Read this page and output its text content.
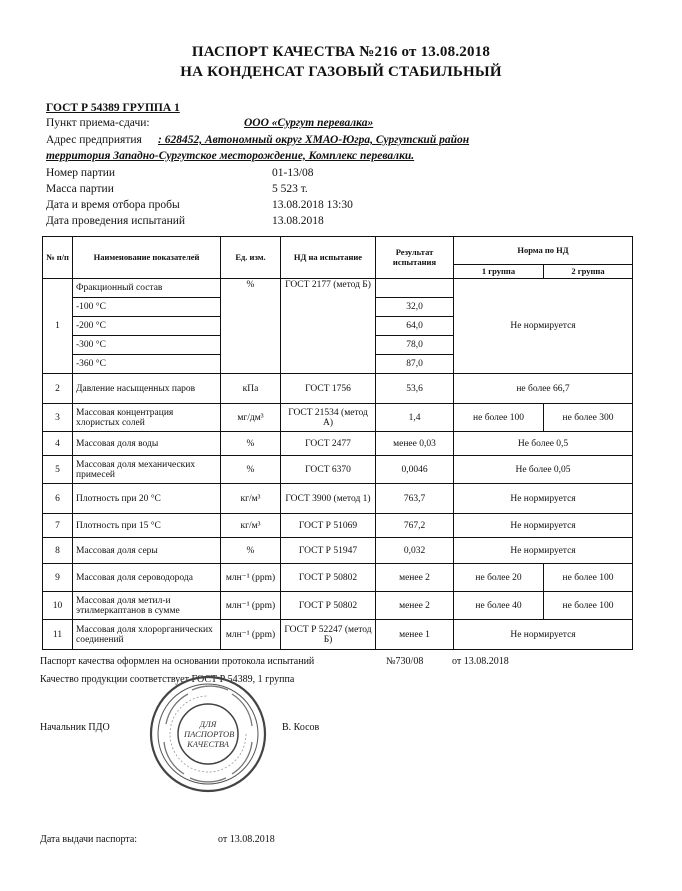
ПАСПОРТ КАЧЕСТВА №216 от 13.08.2018
НА КОНДЕНСАТ ГАЗОВЫЙ СТАБИЛЬНЫЙ
ГОСТ Р 54389 ГРУППА 1
Пункт приема-сдачи:	ООО «Сургут перевалка»
Адрес предприятия : 628452, Автономный округ ХМАО-Югра, Сургутский район
территория Западно-Сургутское месторождение, Комплекс перевалки.
Номер партии	01-13/08
Масса партии	5 523 т.
Дата и время отбора пробы	13.08.2018 13:30
Дата проведения испытаний	13.08.2018
№ п/п	Наименование показателей	Ед. изм.	НД на испытание	Результат испытания	Норма по НД	
					1 группа	2 группа
1	Фракционный состав	%	ГОСТ 2177 (метод Б)		Не нормируется	
	-100 °С			32,0		
	-200 °С			64,0		
	-300 °С			78,0		
	-360 °С			87,0		
2	Давление насыщенных паров	кПа	ГОСТ 1756	53,6	не более 66,7	
3	Массовая концентрация хлористых солей	мг/дм³	ГОСТ 21534 (метод А)	1,4	не более 100	не более 300
4	Массовая доля воды	%	ГОСТ 2477	менее 0,03	Не более 0,5	
5	Массовая доля механических примесей	%	ГОСТ 6370	0,0046	Не более 0,05	
6	Плотность при 20 °С	кг/м³	ГОСТ 3900 (метод 1)	763,7	Не нормируется	
7	Плотность при 15 °С	кг/м³	ГОСТ Р 51069	767,2	Не нормируется	
8	Массовая доля серы	%	ГОСТ Р 51947	0,032	Не нормируется	
9	Массовая доля сероводорода	млн⁻¹ (ppm)	ГОСТ Р 50802	менее 2	не более 20	не более 100
10	Массовая доля метил-и этилмеркаптанов в сумме	млн⁻¹ (ppm)	ГОСТ Р 50802	менее 2	не более 40	не более 100
11	Массовая доля хлорорганических соединений	млн⁻¹ (ppm)	ГОСТ Р 52247 (метод Б)	менее 1	Не нормируется	
Паспорт качества оформлен на основании протокола испытаний	№730/08	от 13.08.2018
Качество продукции соответствует ГОСТ Р 54389, 1 группа
Начальник ПДО	В. Косов
ДЛЯ ПАСПОРТОВ КАЧЕСТВА
Дата выдачи паспорта:	от 13.08.2018
